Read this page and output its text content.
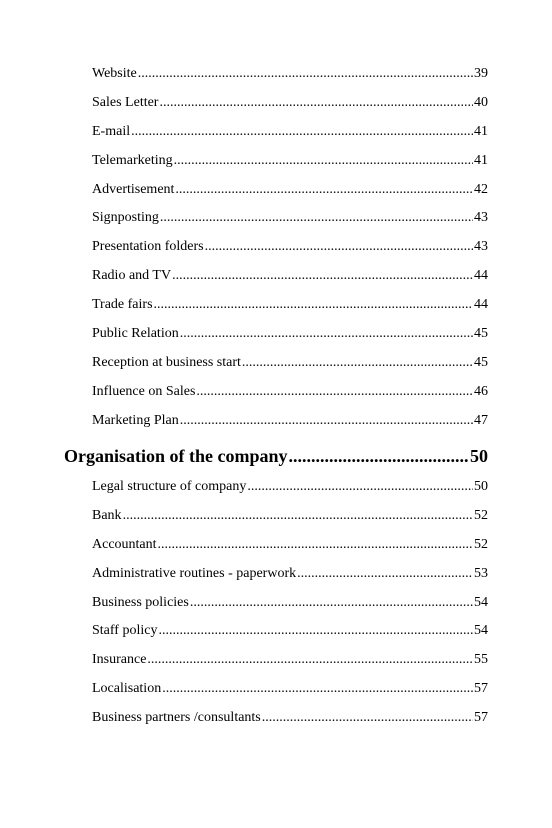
Website .....	39
Sales Letter .....	40
E-mail .....	41
Telemarketing .....	41
Advertisement .....	42
Signposting .....	43
Presentation folders .....	43
Radio and TV .....	44
Trade fairs .....	44
Public Relation .....	45
Reception at business start .....	45
Influence on Sales .....	46
Marketing Plan .....	47
Organisation of the company .....	50
Legal structure of company .....	50
Bank .....	52
Accountant .....	52
Administrative routines - paperwork .....	53
Business policies .....	54
Staff policy .....	54
Insurance .....	55
Localisation .....	57
Business partners /consultants .....	57
